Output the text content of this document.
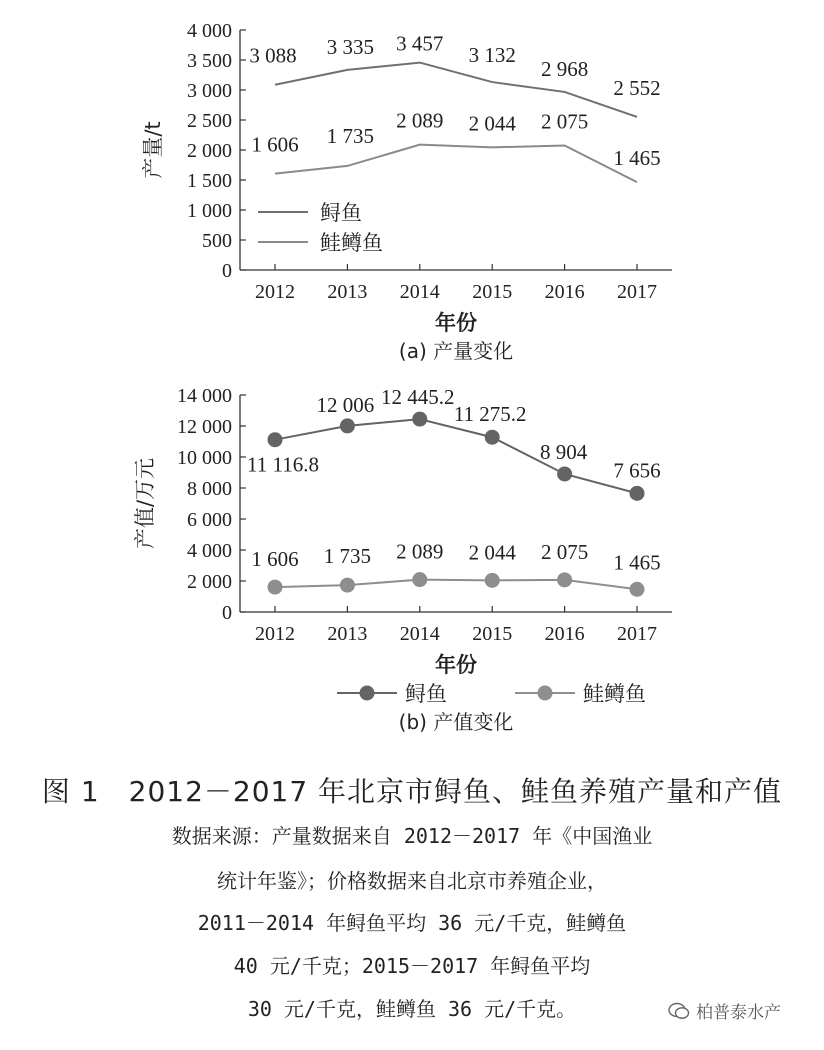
0
500
1 000
1 500
2 000
2 500
3 000
3 500
4 000
2012 2013 2014 2015 2016 2017
年份
产量/t
3 088 3 335 3 457 3 132
2 968
2 552
1 606 1 735
2 089 2 044 2 075
1 465
鲟鱼
鲑鳟鱼
(a) 产量变化
0
2 000
4 000
6 000
8 000
10 000
12 000
14 000
2012 2013 2014 2015 2016 2017
年份
产值/万元	11 116.8
12 006 12 445.2
11 275.2
8 904
7 656
1 606 1 735 2 089 2 044 2 075 1 465
鲟鱼	鲑鳟鱼
(b) 产值变化
图 1　2012－2017 年北京市鲟鱼、鲑鱼养殖产量和产值
数据来源：产量数据来自 2012－2017 年《中国渔业
统计年鉴》；价格数据来自北京市养殖企业，
2011－2014 年鲟鱼平均 36 元/千克，鲑鳟鱼
40 元/千克；2015－2017 年鲟鱼平均
30 元/千克，鲑鳟鱼 36 元/千克。	柏普泰水产
